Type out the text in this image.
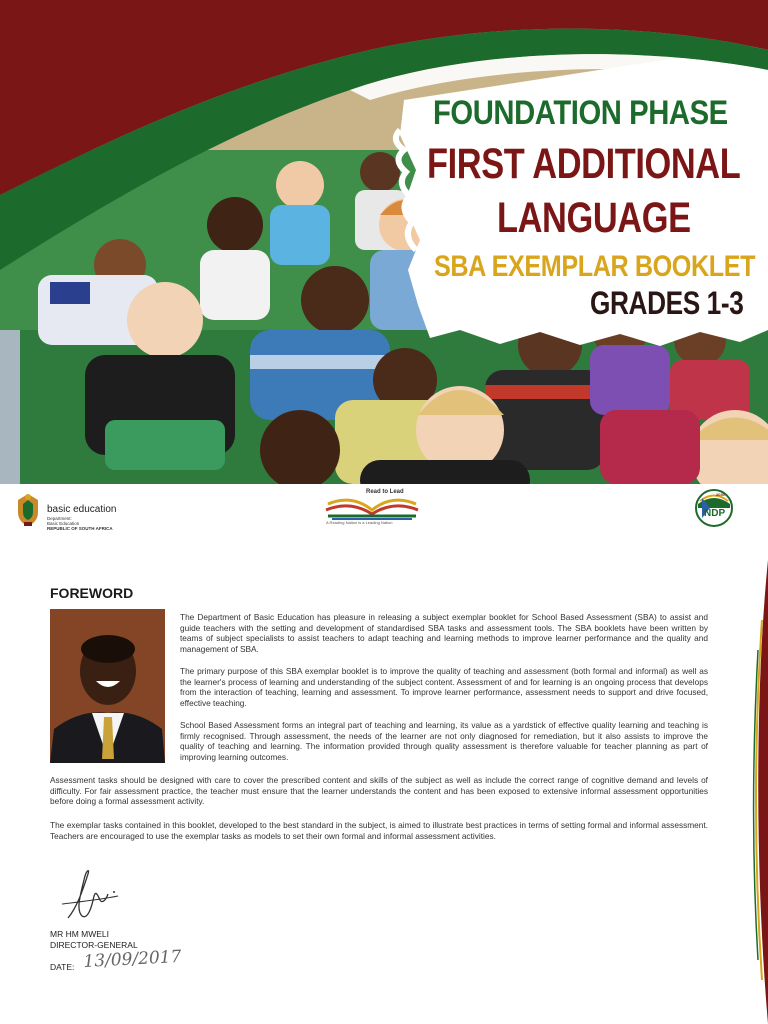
FOUNDATION PHASE
FIRST ADDITIONAL
LANGUAGE
SBA EXEMPLAR BOOKLET
GRADES 1-3
basic education
Department:
Basic Education
REPUBLIC OF SOUTH AFRICA
Read to Lead
A Reading Nation is a Leading Nation
NDP
2030
FOREWORD

The Department of Basic Education has pleasure in releasing a subject exemplar booklet for School Based Assessment (SBA) to assist and guide teachers with the setting and development of standardised SBA tasks and assessment tools. The SBA booklets have been written by teams of subject specialists to assist teachers to adapt teaching and learning methods to improve learner performance and the quality and management of SBA.

The primary purpose of this SBA exemplar booklet is to improve the quality of teaching and assessment (both formal and informal) as well as the learner's process of learning and understanding of the subject content. Assessment of and for learning is an ongoing process that develops from the interaction of teaching, learning and assessment. To improve learner performance, assessment needs to support and drive focused, effective teaching.

School Based Assessment forms an integral part of teaching and learning, its value as a yardstick of effective quality learning and teaching is firmly recognised. Through assessment, the needs of the learner are not only diagnosed for remediation, but it also assists to improve the quality of teaching and learning. The information provided through quality assessment is therefore valuable for teacher planning as part of improving learning outcomes.

Assessment tasks should be designed with care to cover the prescribed content and skills of the subject as well as include the correct range of cognitive demand and levels of difficulty. For fair assessment practice, the teacher must ensure that the learner understands the content and has been exposed to extensive informal assessment opportunities before doing a formal assessment activity.

The exemplar tasks contained in this booklet, developed to the best standard in the subject, is aimed to illustrate best practices in terms of setting formal and informal assessment. Teachers are encouraged to use the exemplar tasks as models to set their own formal and informal assessment activities.

MR HM MWELI
DIRECTOR-GENERAL
DATE: 13/09/2017
